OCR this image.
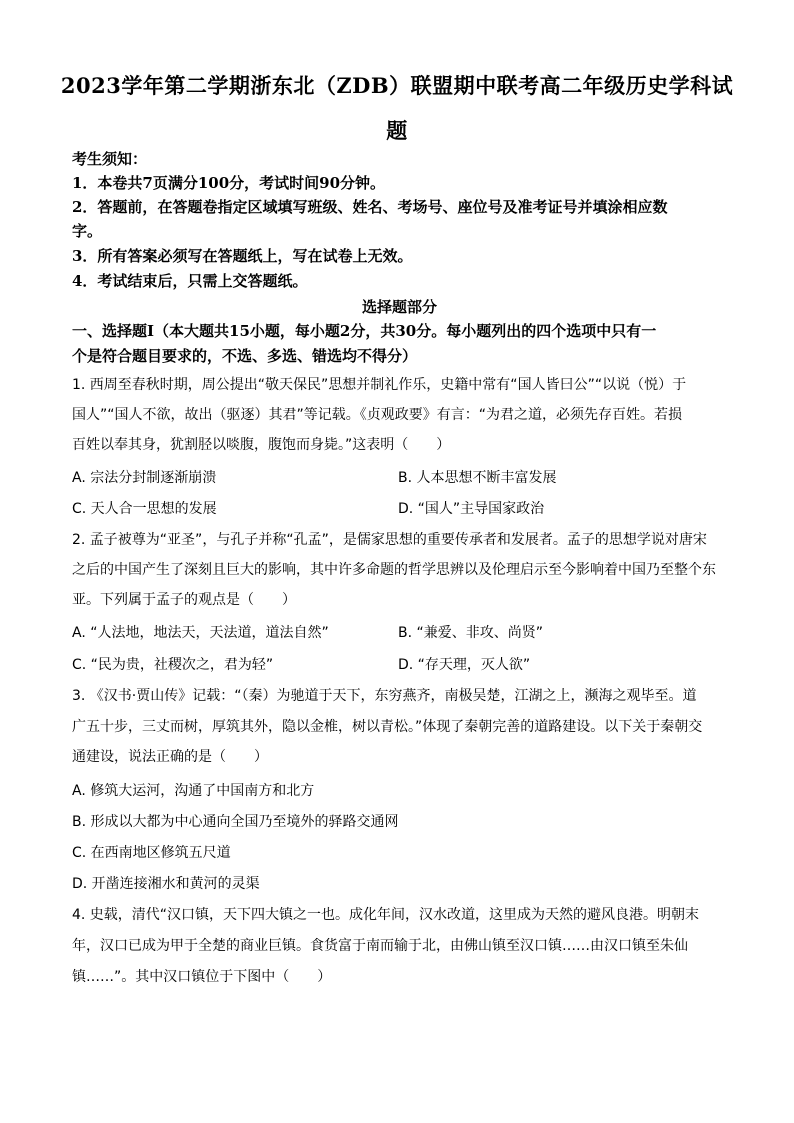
2023学年第二学期浙东北（ZDB）联盟期中联考高二年级历史学科试
题

考生须知：

1．本卷共7页满分100分，考试时间90分钟。

2．答题前，在答题卷指定区域填写班级、姓名、考场号、座位号及准考证号并填涂相应数

字。

3．所有答案必须写在答题纸上，写在试卷上无效。

4．考试结束后，只需上交答题纸。

选择题部分

一、选择题Ⅰ（本大题共15小题，每小题2分，共30分。每小题列出的四个选项中只有一

个是符合题目要求的，不选、多选、错选均不得分）

1. 西周至春秋时期，周公提出“敬天保民”思想并制礼作乐，史籍中常有“国人皆曰公”“以说（悦）于

国人”“国人不欲，故出（驱逐）其君”等记载。《贞观政要》有言：“为君之道，必须先存百姓。若损

百姓以奉其身，犹割胫以啖腹，腹饱而身毙。”这表明（　　）

A. 宗法分封制逐渐崩溃	B. 人本思想不断丰富发展
C. 天人合一思想的发展	D. “国人”主导国家政治

2. 孟子被尊为“亚圣”，与孔子并称“孔孟”，是儒家思想的重要传承者和发展者。孟子的思想学说对唐宋

之后的中国产生了深刻且巨大的影响，其中许多命题的哲学思辨以及伦理启示至今影响着中国乃至整个东

亚。下列属于孟子的观点是（　　）

A. “人法地，地法天，天法道，道法自然”	B. “兼爱、非攻、尚贤”
C. “民为贵，社稷次之，君为轻”	D. “存天理，灭人欲”

3. 《汉书·贾山传》记载：“（秦）为驰道于天下，东穷燕齐，南极吴楚，江湖之上，濒海之观毕至。道

广五十步，三丈而树，厚筑其外，隐以金椎，树以青松。”体现了秦朝完善的道路建设。以下关于秦朝交

通建设，说法正确的是（　　）

A. 修筑大运河，沟通了中国南方和北方
B. 形成以大都为中心通向全国乃至境外的驿路交通网
C. 在西南地区修筑五尺道
D. 开凿连接湘水和黄河的灵渠

4. 史载，清代“汉口镇，天下四大镇之一也。成化年间，汉水改道，这里成为天然的避风良港。明朝末

年，汉口已成为甲于全楚的商业巨镇。食货富于南而输于北，由佛山镇至汉口镇……由汉口镇至朱仙

镇……”。其中汉口镇位于下图中（　　）
